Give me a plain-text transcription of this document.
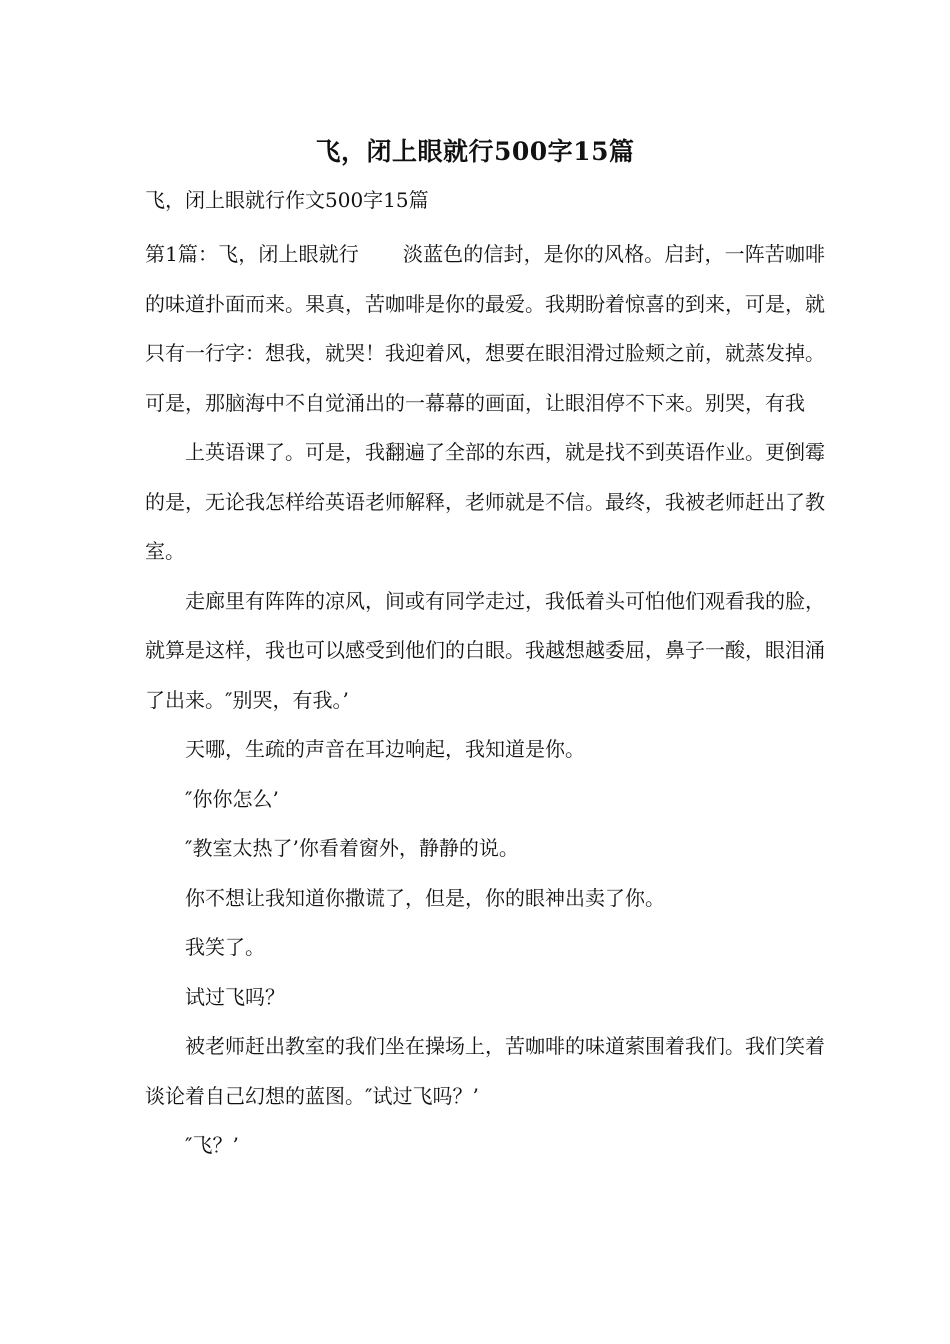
飞，闭上眼就行500字15篇
飞，闭上眼就行作文500字15篇

第1篇：飞，闭上眼就行 淡蓝色的信封，是你的风格。启封，一阵苦咖啡的味道扑面而来。果真，苦咖啡是你的最爱。我期盼着惊喜的到来，可是，就只有一行字：想我，就哭！我迎着风，想要在眼泪滑过脸颊之前，就蒸发掉。可是，那脑海中不自觉涌出的一幕幕的画面，让眼泪停不下来。别哭，有我

上英语课了。可是，我翻遍了全部的东西，就是找不到英语作业。更倒霉的是，无论我怎样给英语老师解释，老师就是不信。最终，我被老师赶出了教室。

走廊里有阵阵的凉风，间或有同学走过，我低着头可怕他们观看我的脸，就算是这样，我也可以感受到他们的白眼。我越想越委屈，鼻子一酸，眼泪涌了出来。″别哭，有我。’

天哪，生疏的声音在耳边响起，我知道是你。

″你你怎么’

″教室太热了’你看着窗外，静静的说。

你不想让我知道你撒谎了，但是，你的眼神出卖了你。

我笑了。

试过飞吗？

被老师赶出教室的我们坐在操场上，苦咖啡的味道萦围着我们。我们笑着谈论着自己幻想的蓝图。″试过飞吗？’

″飞？’
